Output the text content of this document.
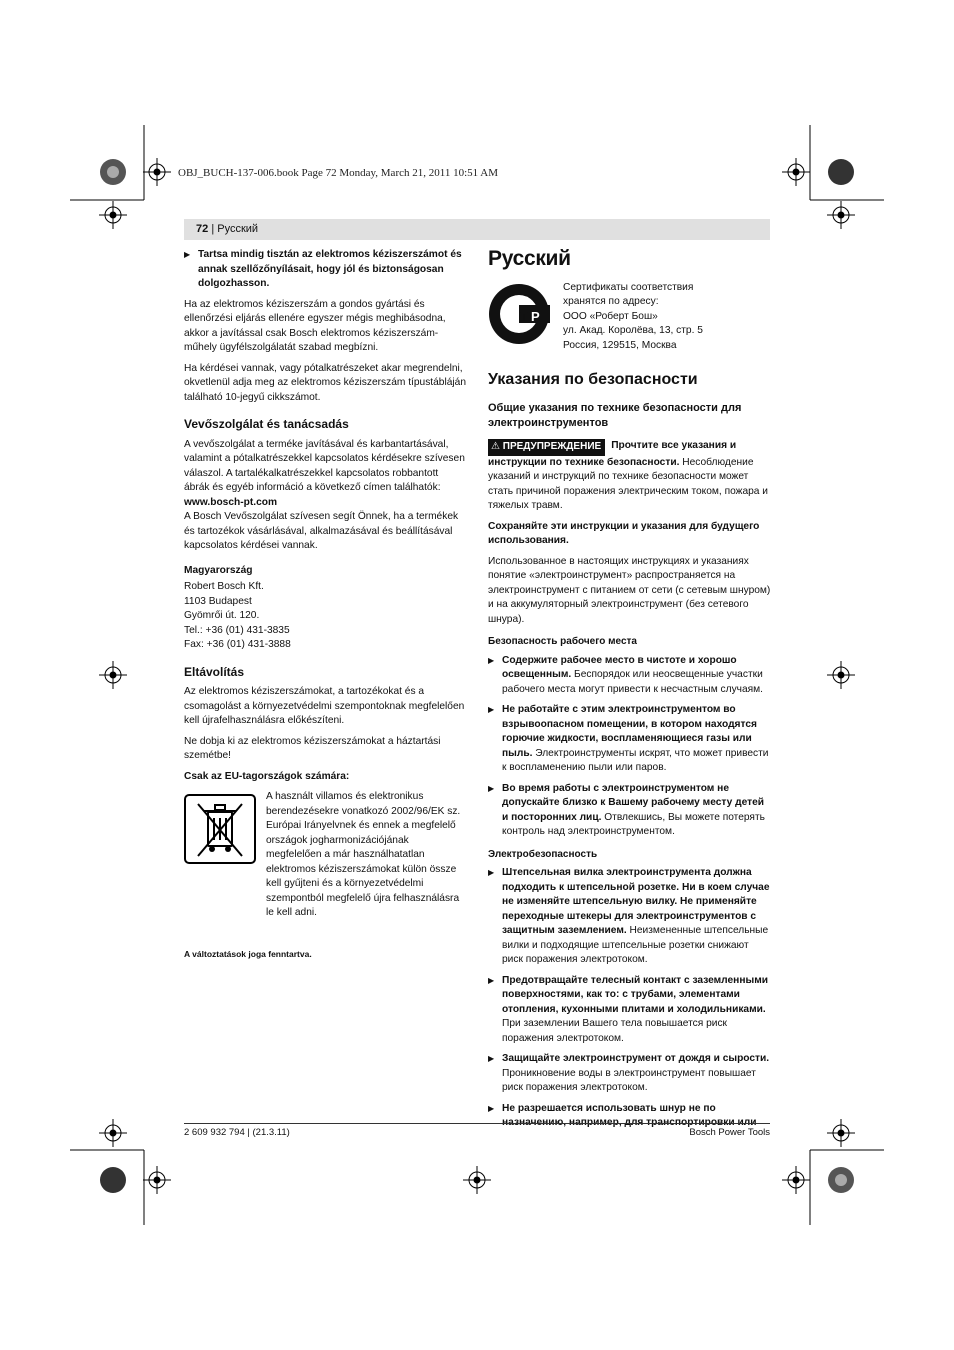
OBJ_BUCH-137-006.book Page 72 Monday, March 21, 2011 10:51 AM
72 | Русский
▶ Tartsa mindig tisztán az elektromos kéziszerszámot és annak szellőzőnyílásait, hogy jól és biztonságosan dolgozhasson.

Ha az elektromos kéziszerszám a gondos gyártási és ellenőrzési eljárás ellenére egyszer mégis meghibásodna, akkor a javítással csak Bosch elektromos kéziszerszám-műhely ügyfélszolgálatát szabad megbízni.

Ha kérdései vannak, vagy pótalkatrészeket akar megrendelni, okvetlenül adja meg az elektromos kéziszerszám típustábláján található 10-jegyű cikkszámot.

Vevőszolgálat és tanácsadás

A vevőszolgálat a terméke javításával és karbantartásával, valamint a pótalkatrészekkel kapcsolatos kérdésekre szívesen válaszol. A tartalékalkatrészekkel kapcsolatos robbantott ábrák és egyéb információ a következő címen találhatók:

www.bosch-pt.com

A Bosch Vevőszolgálat szívesen segít Önnek, ha a termékek és tartozékok vásárlásával, alkalmazásával és beállításával kapcsolatos kérdései vannak.

Magyarország
Robert Bosch Kft.
1103 Budapest
Gyömrői út. 120.
Tel.: +36 (01) 431-3835
Fax: +36 (01) 431-3888
Eltávolítás

Az elektromos kéziszerszámokat, a tartozékokat és a csomagolást a környezetvédelmi szempontoknak megfelelően kell újrafelhasználásra előkészíteni.

Ne dobja ki az elektromos kéziszerszámokat a háztartási szemétbe!

Csak az EU-tagországok számára:
A használt villamos és elektronikus berendezésekre vonatkozó 2002/96/EK sz. Európai Irányelvnek és ennek a megfelelő országok jogharmonizációjának megfelelően a már használhatatlan elektromos kéziszerszámokat külön össze kell gyűjteni és a környezetvédelmi szempontból megfelelő újra felhasználásra le kell adni.
A változtatások joga fenntartva.
Русский
Т Р
Сертификаты соответствия
хранятся по адресу:
ООО «Роберт Бош»
ул. Акад. Королёва, 13, стр. 5
Россия, 129515, Москва
Указания по безопасности
Общие указания по технике безопасности для электроинструментов

⚠ ПРЕДУПРЕЖДЕНИЕ Прочтите все указания и инструкции по технике безопасности. Несоблюдение указаний и инструкций по технике безопасности может стать причиной поражения электрическим током, пожара и тяжелых травм.

Сохраняйте эти инструкции и указания для будущего использования.

Использованное в настоящих инструкциях и указаниях понятие «электроинструмент» распространяется на электроинструмент с питанием от сети (с сетевым шнуром) и на аккумуляторный электроинструмент (без сетевого шнура).

Безопасность рабочего места
▶ Содержите рабочее место в чистоте и хорошо освещенным. Беспорядок или неосвещенные участки рабочего места могут привести к несчастным случаям.
▶ Не работайте с этим электроинструментом во взрывоопасном помещении, в котором находятся горючие жидкости, воспламеняющиеся газы или пыль. Электроинструменты искрят, что может привести к воспламенению пыли или паров.
▶ Во время работы с электроинструментом не допускайте близко к Вашему рабочему месту детей и посторонних лиц. Отвлекшись, Вы можете потерять контроль над электроинструментом.
Электробезопасность
▶ Штепсельная вилка электроинструмента должна подходить к штепсельной розетке. Ни в коем случае не изменяйте штепсельную вилку. Не применяйте переходные штекеры для электроинструментов с защитным заземлением. Неизмененные штепсельные вилки и подходящие штепсельные розетки снижают риск поражения электротоком.
▶ Предотвращайте телесный контакт с заземленными поверхностями, как то: с трубами, элементами отопления, кухонными плитами и холодильниками. При заземлении Вашего тела повышается риск поражения электротоком.
▶ Защищайте электроинструмент от дождя и сырости. Проникновение воды в электроинструмент повышает риск поражения электротоком.
▶ Не разрешается использовать шнур не по
2 609 932 794 | (21.3.11)	Bosch Power Tools
